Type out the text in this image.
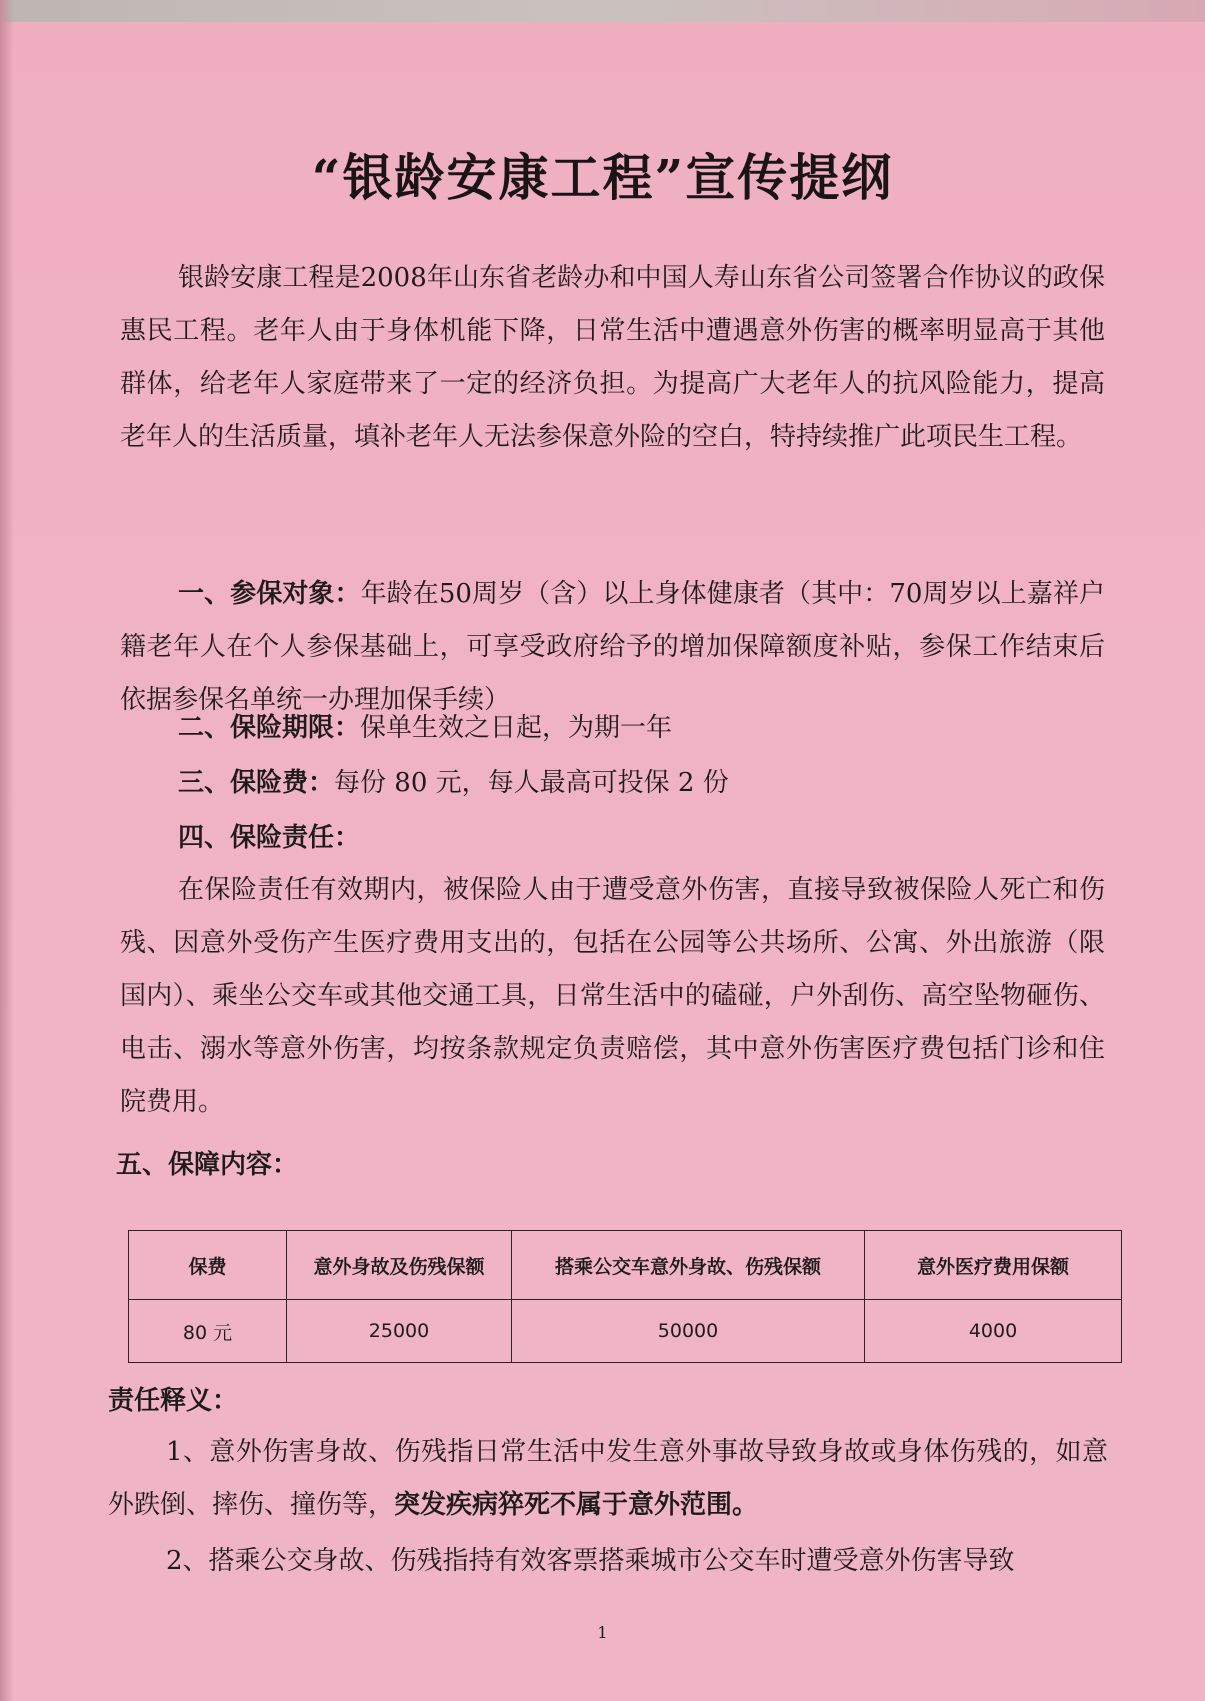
“银龄安康工程”宣传提纲

银龄安康工程是2008年山东省老龄办和中国人寿山东省公司签署合作协议的政保惠民工程。老年人由于身体机能下降，日常生活中遭遇意外伤害的概率明显高于其他群体，给老年人家庭带来了一定的经济负担。为提高广大老年人的抗风险能力，提高老年人的生活质量，填补老年人无法参保意外险的空白，特持续推广此项民生工程。

一、参保对象：年龄在50周岁（含）以上身体健康者（其中：70周岁以上嘉祥户籍老年人在个人参保基础上，可享受政府给予的增加保障额度补贴，参保工作结束后依据参保名单统一办理加保手续）

二、保险期限：保单生效之日起，为期一年

三、保险费：每份 80 元，每人最高可投保 2 份

四、保险责任：

在保险责任有效期内，被保险人由于遭受意外伤害，直接导致被保险人死亡和伤残、因意外受伤产生医疗费用支出的，包括在公园等公共场所、公寓、外出旅游（限国内）、乘坐公交车或其他交通工具，日常生活中的磕碰，户外刮伤、高空坠物砸伤、电击、溺水等意外伤害，均按条款规定负责赔偿，其中意外伤害医疗费包括门诊和住院费用。

五、保障内容：

保费	意外身故及伤残保额	搭乘公交车意外身故、伤残保额	意外医疗费用保额
80 元	25000	50000	4000

责任释义：

1、意外伤害身故、伤残指日常生活中发生意外事故导致身故或身体伤残的，如意外跌倒、摔伤、撞伤等，突发疾病猝死不属于意外范围。

2、搭乘公交身故、伤残指持有效客票搭乘城市公交车时遭受意外伤害导致

1
